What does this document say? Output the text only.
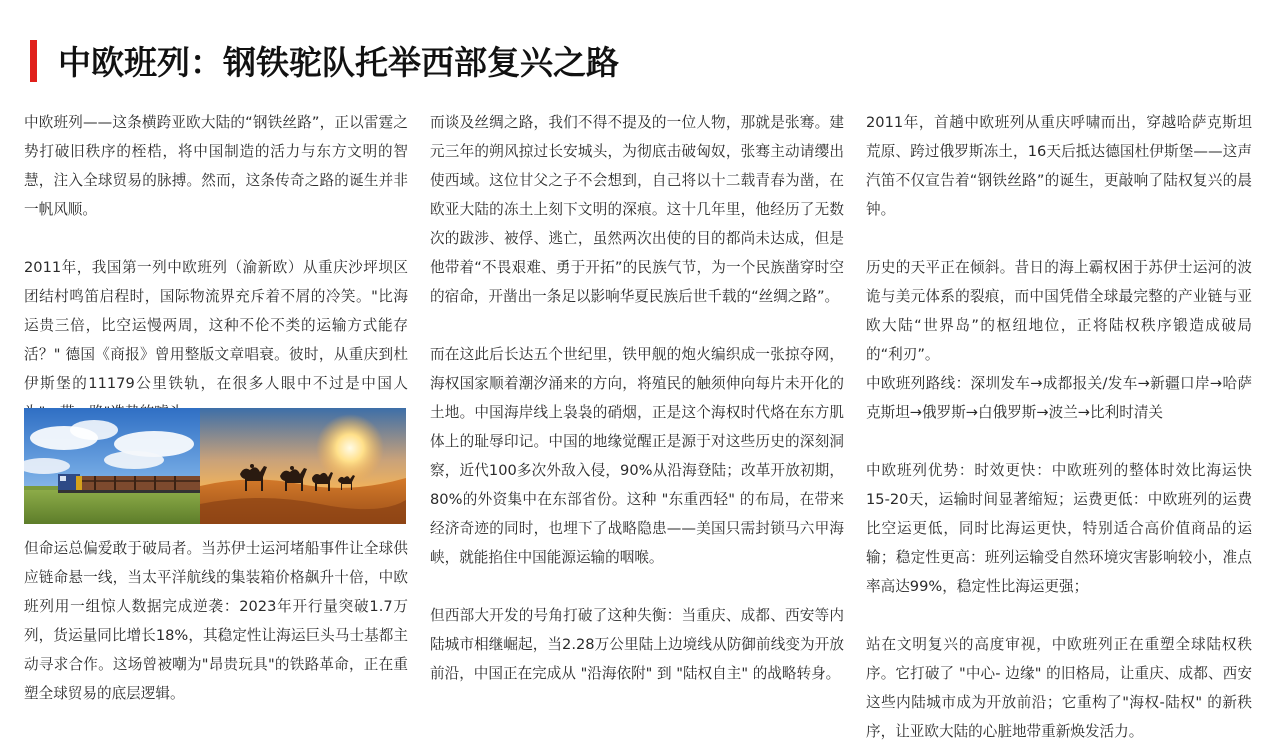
中欧班列：钢铁驼队托举西部复兴之路

中欧班列——这条横跨亚欧大陆的“钢铁丝路”，正以雷霆之势打破旧秩序的桎梏，将中国制造的活力与东方文明的智慧，注入全球贸易的脉搏。然而，这条传奇之路的诞生并非一帆风顺。

2011年，我国第一列中欧班列（渝新欧）从重庆沙坪坝区团结村鸣笛启程时，国际物流界充斥着不屑的冷笑。"比海运贵三倍，比空运慢两周，这种不伦不类的运输方式能存活？" 德国《商报》曾用整版文章唱衰。彼时，从重庆到杜伊斯堡的11179公里铁轨，在很多人眼中不过是中国人

但命运总偏爱敢于破局者。当苏伊士运河堵船事件让全球供应链命悬一线，当太平洋航线的集装箱价格飙升十倍，中欧班列用一组惊人数据完成逆袭：2023年开行量突破1.7万列，货运量同比增长18%，其稳定性让海运巨头马士基都主动寻求合作。这场曾被嘲为"昂贵玩具"的铁路革命，正在重塑全球贸易的底层逻辑。

而谈及丝绸之路，我们不得不提及的一位人物，那就是张骞。建元三年的朔风掠过长安城头，为彻底击破匈奴，张骞主动请缨出使西域。这位甘父之子不会想到，自己将以十二载青春为凿，在欧亚大陆的冻土上刻下文明的深痕。这十几年里，他经历了无数次的跋涉、被俘、逃亡，虽然两次出使的目的都尚未达成，但是他带着“不畏艰难、勇于开拓”的民族气节，为一个民族凿穿时空的宿命，开凿出一条足以影响华夏民族后世千载的“丝绸之路”。

而在这此后长达五个世纪里，铁甲舰的炮火编织成一张掠夺网，海权国家顺着潮汐涌来的方向，将殖民的触须伸向每片未开化的土地。中国海岸线上袅袅的硝烟，正是这个海权时代烙在东方肌体上的耻辱印记。中国的地缘觉醒正是源于对这些历史的深刻洞察，近代100多次外敌入侵，90%从沿海登陆；改革开放初期，80%的外资集中在东部省份。这种 "东重西轻" 的布局，在带来经济奇迹的同时，也埋下了战略隐患——美国只需封锁马六甲海峡，就能掐住中国能源运输的咽喉。

但西部大开发的号角打破了这种失衡：当重庆、成都、西安等内陆城市相继崛起，当2.28万公里陆上边境线从防御前线变为开放前沿，中国正在完成从 "沿海依附" 到 "陆权自主" 的战略转身。

2011年，首趟中欧班列从重庆呼啸而出，穿越哈萨克斯坦荒原、跨过俄罗斯冻土，16天后抵达德国杜伊斯堡——这声汽笛不仅宣告着“钢铁丝路”的诞生，更敲响了陆权复兴的晨钟。

历史的天平正在倾斜。昔日的海上霸权困于苏伊士运河的波诡与美元体系的裂痕，而中国凭借全球最完整的产业链与亚欧大陆“世界岛”的枢纽地位，正将陆权秩序锻造成破局的“利刃”。

中欧班列路线：深圳发车→成都报关/发车→新疆口岸→哈萨克斯坦→俄罗斯→白俄罗斯→波兰→比利时清关

中欧班列优势：时效更快：中欧班列的整体时效比海运快15-20天，运输时间显著缩短；运费更低：中欧班列的运费比空运更低，同时比海运更快，特别适合高价值商品的运输；稳定性更高：班列运输受自然环境灾害影响较小，准点率高达99%，稳定性比海运更强；

站在文明复兴的高度审视，中欧班列正在重塑全球陆权秩序。它打破了 "中心- 边缘" 的旧格局，让重庆、成都、西安这些内陆城市成为开放前沿；它重构了"海权-陆权" 的新秩序，让亚欧大陆的心脏地带重新焕发活力。
